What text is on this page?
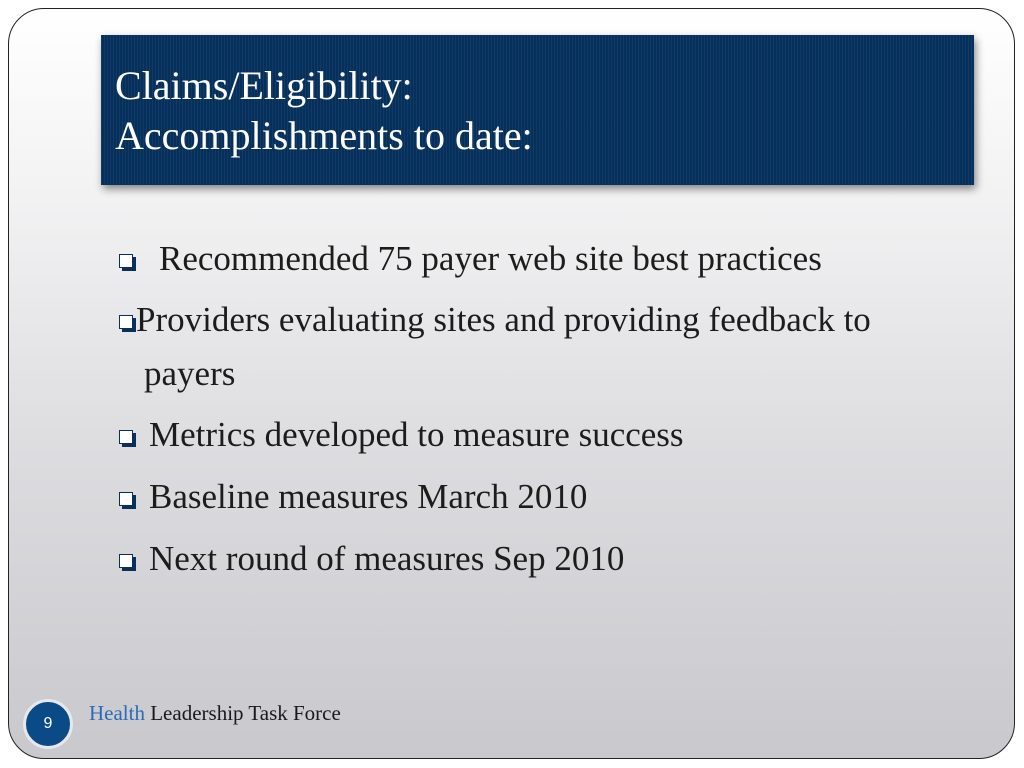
Claims/Eligibility:
Accomplishments to date:
Recommended 75 payer web site best practices
Providers evaluating sites and providing feedback to payers
Metrics developed to measure success
Baseline measures March 2010
Next round of measures Sep 2010
9	Health Leadership Task Force
